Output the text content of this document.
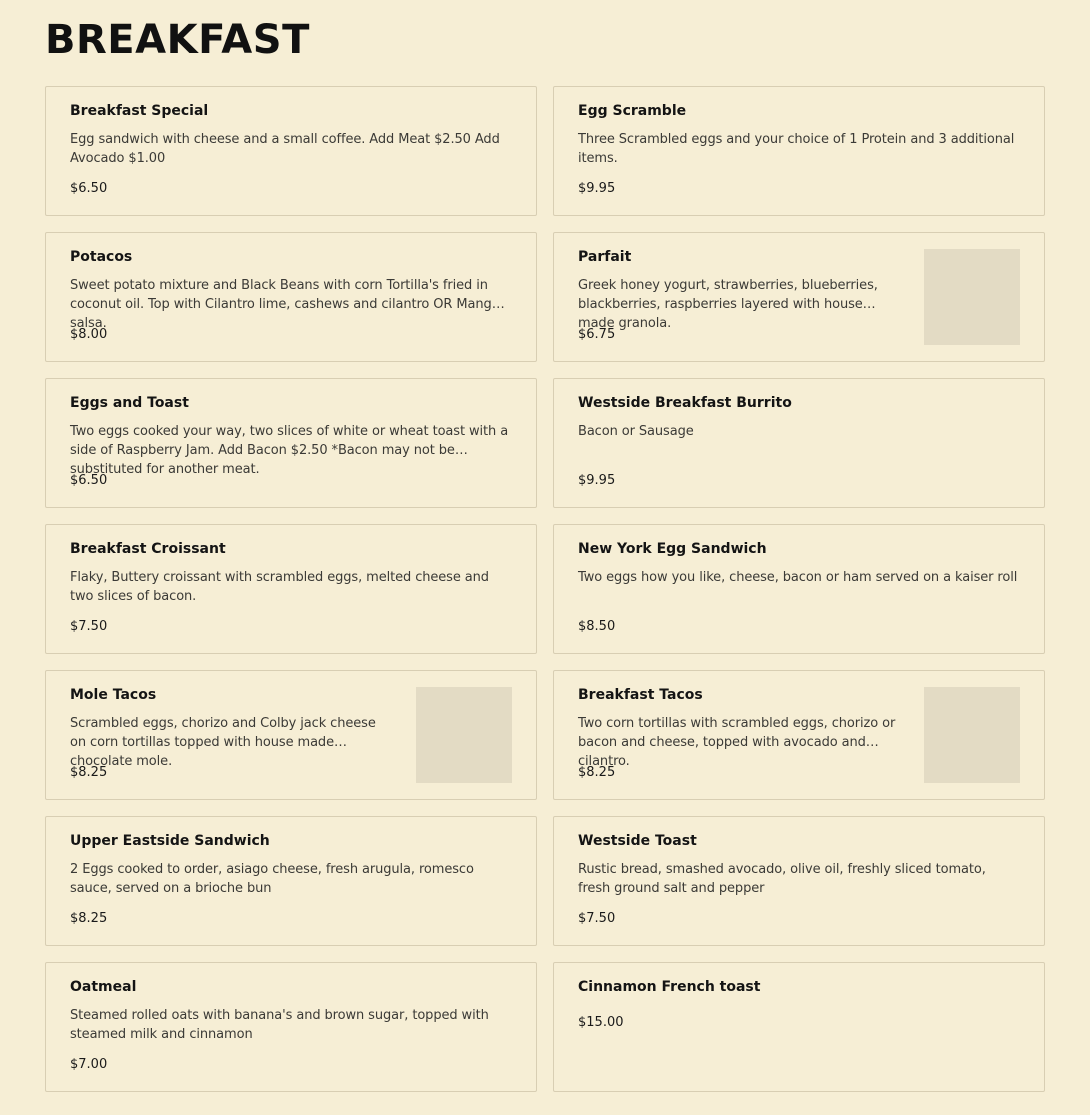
BREAKFAST
Breakfast Special
Egg sandwich with cheese and a small coffee. Add Meat $2.50 Add Avocado $1.00
$6.50
Egg Scramble
Three Scrambled eggs and your choice of 1 Protein and 3 additional items.
$9.95
Potacos
Sweet potato mixture and Black Beans with corn Tortilla's fried in coconut oil. Top with Cilantro lime, cashews and cilantro OR Mango salsa.
$8.00
Parfait
Greek honey yogurt, strawberries, blueberries, blackberries, raspberries layered with house made granola.
$6.75
Eggs and Toast
Two eggs cooked your way, two slices of white or wheat toast with a side of Raspberry Jam. Add Bacon $2.50 *Bacon may not be substituted for another meat.
$6.50
Westside Breakfast Burrito
Bacon or Sausage
$9.95
Breakfast Croissant
Flaky, Buttery croissant with scrambled eggs, melted cheese and two slices of bacon.
$7.50
New York Egg Sandwich
Two eggs how you like, cheese, bacon or ham served on a kaiser roll
$8.50
Mole Tacos
Scrambled eggs, chorizo and Colby jack cheese on corn tortillas topped with house made chocolate mole.
$8.25
Breakfast Tacos
Two corn tortillas with scrambled eggs, chorizo or bacon and cheese, topped with avocado and cilantro.
$8.25
Upper Eastside Sandwich
2 Eggs cooked to order, asiago cheese, fresh arugula, romesco sauce, served on a brioche bun
$8.25
Westside Toast
Rustic bread, smashed avocado, olive oil, freshly sliced tomato, fresh ground salt and pepper
$7.50
Oatmeal
Steamed rolled oats with banana's and brown sugar, topped with steamed milk and cinnamon
$7.00
Cinnamon French toast
$15.00
